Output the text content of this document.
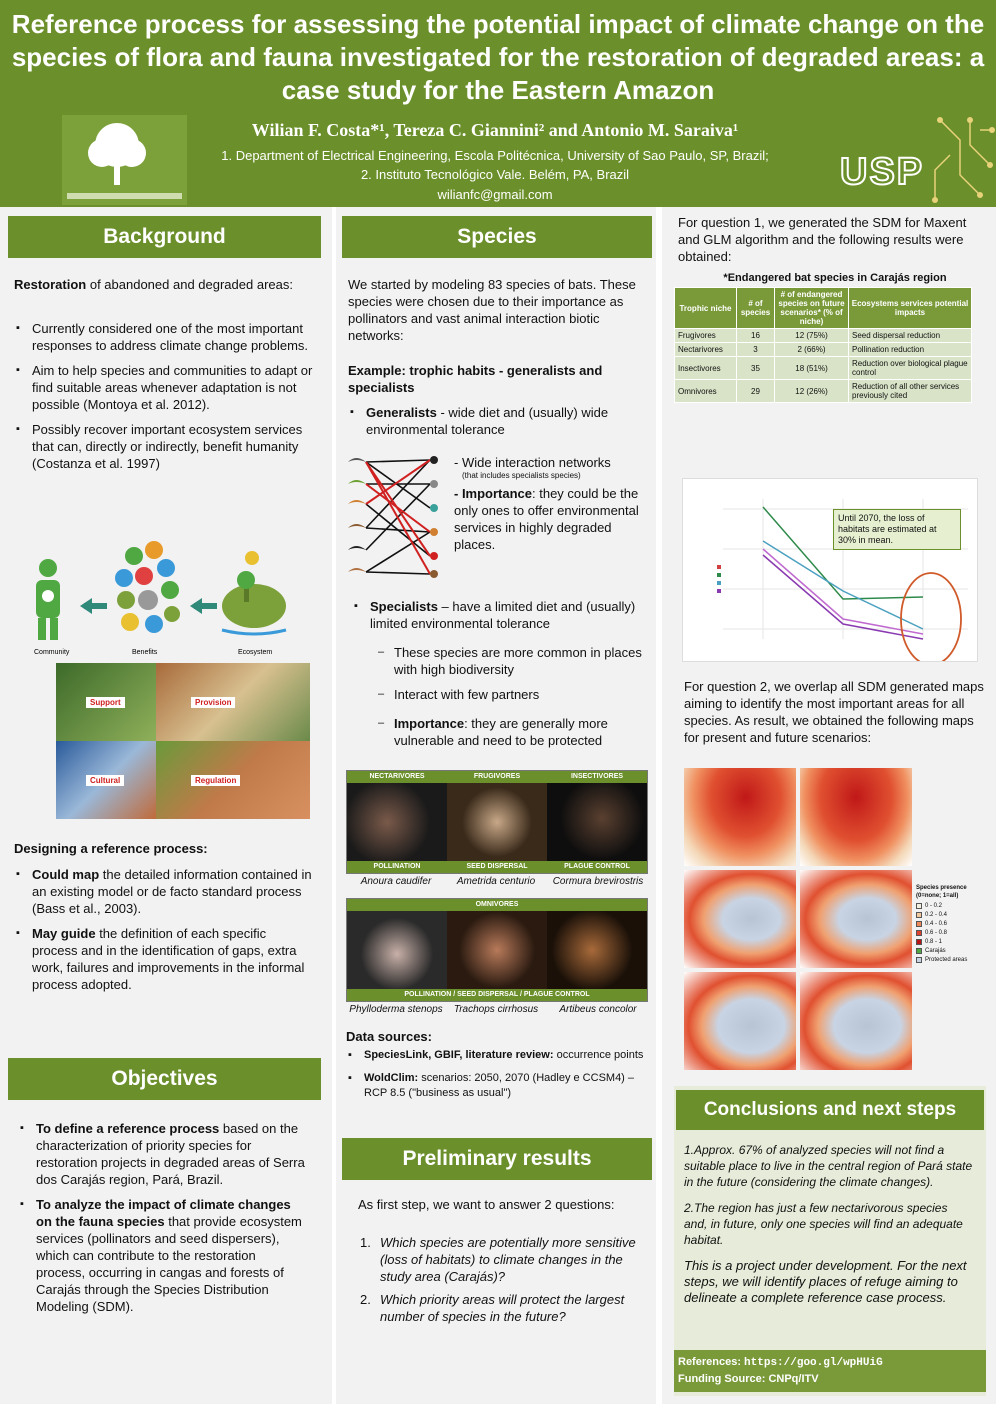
Reference process for assessing the potential impact of climate change on the species of flora and fauna investigated for the restoration of degraded areas: a case study for the Eastern Amazon
Wilian F. Costa*¹, Tereza C. Giannini² and Antonio M. Saraiva¹
1. Department of Electrical Engineering, Escola Politécnica, University of Sao Paulo, SP, Brazil;
2. Instituto Tecnológico Vale. Belém, PA, Brazil
wilianfc@gmail.com
USP
Background
Restoration of abandoned and degraded areas:
▪ Currently considered one of the most important responses to address climate change problems.
▪ Aim to help species and communities to adapt or find suitable areas whenever adaptation is not possible (Montoya et al. 2012).
▪ Possibly recover important ecosystem services that can, directly or indirectly, benefit humanity (Costanza et al. 1997)
Community	Benefits	Ecosystem
Support	Provision
Cultural	Regulation
Designing a reference process:
▪ Could map the detailed information contained in an existing model or de facto standard process (Bass et al., 2003).
▪ May guide the definition of each specific process and in the identification of gaps, extra work, failures and improvements in the informal process adopted.
Objectives
▪ To define a reference process based on the characterization of priority species for restoration projects in degraded areas of Serra dos Carajás region, Pará, Brazil.
▪ To analyze the impact of climate changes on the fauna species that provide ecosystem services (pollinators and seed dispersers), which can contribute to the restoration process, occurring in cangas and forests of Carajás through the Species Distribution Modeling (SDM).
Species
We started by modeling 83 species of bats. These species were chosen due to their importance as pollinators and vast animal interaction biotic networks:
Example: trophic habits - generalists and specialists
▪ Generalists - wide diet and (usually) wide environmental tolerance
- Wide interaction networks
(that includes specialists species)
- Importance: they could be the only ones to offer environmental services in highly degraded places.
▪ Specialists – have a limited diet and (usually) limited environmental tolerance
– These species are more common in places with high biodiversity
– Interact with few partners
– Importance: they are generally more vulnerable and need to be protected
NECTARIVORES	FRUGIVORES	INSECTIVORES
POLLINATION	SEED DISPERSAL	PLAGUE CONTROL
Anoura caudifer	Ametrida centurio	Cormura brevirostris
OMNIVORES
POLLINATION / SEED DISPERSAL / PLAGUE CONTROL
Phylloderma stenops	Trachops cirrhosus	Artibeus concolor
Data sources:
▪ SpeciesLink, GBIF, literature review: occurrence points
▪ WoldClim: scenarios: 2050, 2070 (Hadley e CCSM4) – RCP 8.5 ("business as usual")
Preliminary results
As first step, we want to answer 2 questions:
1. Which species are potentially more sensitive (loss of habitats) to climate changes in the study area (Carajás)?
2. Which priority areas will protect the largest number of species in the future?
For question 1, we generated the SDM for Maxent and GLM algorithm and the following results were obtained:
*Endangered bat species in Carajás region
Trophic niche	# of species	# of endangered species on future scenarios* (% of niche)	Ecosystems services potential impacts
Frugivores	16	12 (75%)	Seed dispersal reduction
Nectarivores	3	2 (66%)	Pollination reduction
Insectivores	35	18 (51%)	Reduction over biological plague control
Omnivores	29	12 (26%)	Reduction of all other services previously cited
Until 2070, the loss of habitats are estimated at 30% in mean.
For question 2, we overlap all SDM generated maps aiming to identify the most important areas for all species. As result, we obtained the following maps for present and future scenarios:
Species presence (0=none; 1=all)
0 - 0.2
0.2 - 0.4
0.4 - 0.6
0.6 - 0.8
0.8 - 1
Carajás
Protected areas
Conclusions and next steps
1.Approx. 67% of analyzed species will not find a suitable place to live in the central region of Pará state in the future (considering the climate changes).
2.The region has just a few nectarivorous species and, in future, only one species will find an adequate habitat.
This is a project under development. For the next steps, we will identify places of refuge aiming to delineate a complete reference case process.
References: https://goo.gl/wpHUiG
Funding Source: CNPq/ITV
